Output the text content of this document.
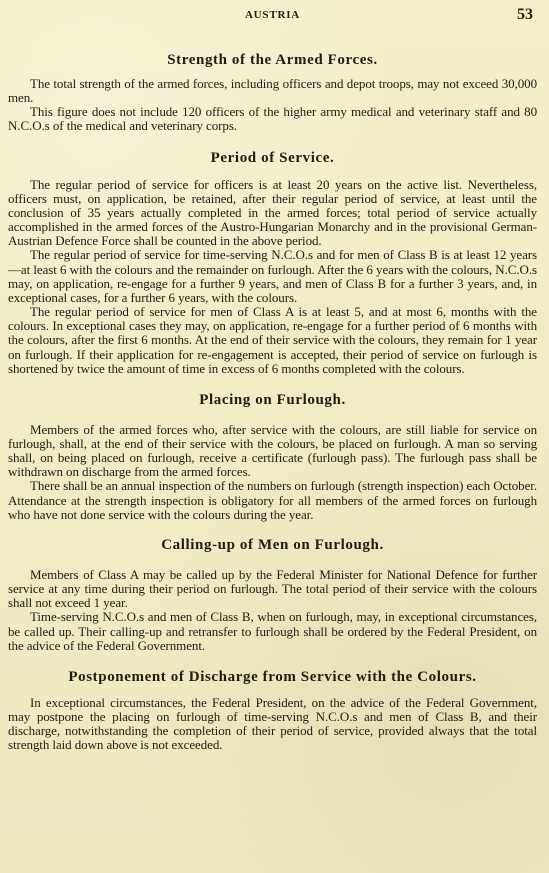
AUSTRIA	53
Strength of the Armed Forces.

The total strength of the armed forces, including officers and depot troops, may not exceed 30,000 men.

This figure does not include 120 officers of the higher army medical and veterinary staff and 80 N.C.O.s of the medical and veterinary corps.

Period of Service.

The regular period of service for officers is at least 20 years on the active list. Nevertheless, officers must, on application, be retained, after their regular period of service, at least until the conclusion of 35 years actually completed in the armed forces; total period of service actually accomplished in the armed forces of the Austro-Hungarian Monarchy and in the provisional German-Austrian Defence Force shall be counted in the above period.

The regular period of service for time-serving N.C.O.s and for men of Class B is at least 12 years—at least 6 with the colours and the remainder on furlough. After the 6 years with the colours, N.C.O.s may, on application, re-engage for a further 9 years, and men of Class B for a further 3 years, and, in exceptional cases, for a further 6 years, with the colours.

The regular period of service for men of Class A is at least 5, and at most 6, months with the colours. In exceptional cases they may, on application, re-engage for a further period of 6 months with the colours, after the first 6 months. At the end of their service with the colours, they remain for 1 year on furlough. If their application for re-engagement is accepted, their period of service on furlough is shortened by twice the amount of time in excess of 6 months completed with the colours.

Placing on Furlough.

Members of the armed forces who, after service with the colours, are still liable for service on furlough, shall, at the end of their service with the colours, be placed on furlough. A man so serving shall, on being placed on furlough, receive a certificate (furlough pass). The furlough pass shall be withdrawn on discharge from the armed forces.

There shall be an annual inspection of the numbers on furlough (strength inspection) each October. Attendance at the strength inspection is obligatory for all members of the armed forces on furlough who have not done service with the colours during the year.

Calling-up of Men on Furlough.

Members of Class A may be called up by the Federal Minister for National Defence for further service at any time during their period on furlough. The total period of their service with the colours shall not exceed 1 year.

Time-serving N.C.O.s and men of Class B, when on furlough, may, in exceptional circumstances, be called up. Their calling-up and retransfer to furlough shall be ordered by the Federal President, on the advice of the Federal Government.

Postponement of Discharge from Service with the Colours.

In exceptional circumstances, the Federal President, on the advice of the Federal Government, may postpone the placing on furlough of time-serving N.C.O.s and men of Class B, and their discharge, notwithstanding the completion of their period of service, provided always that the total strength laid down above is not exceeded.
